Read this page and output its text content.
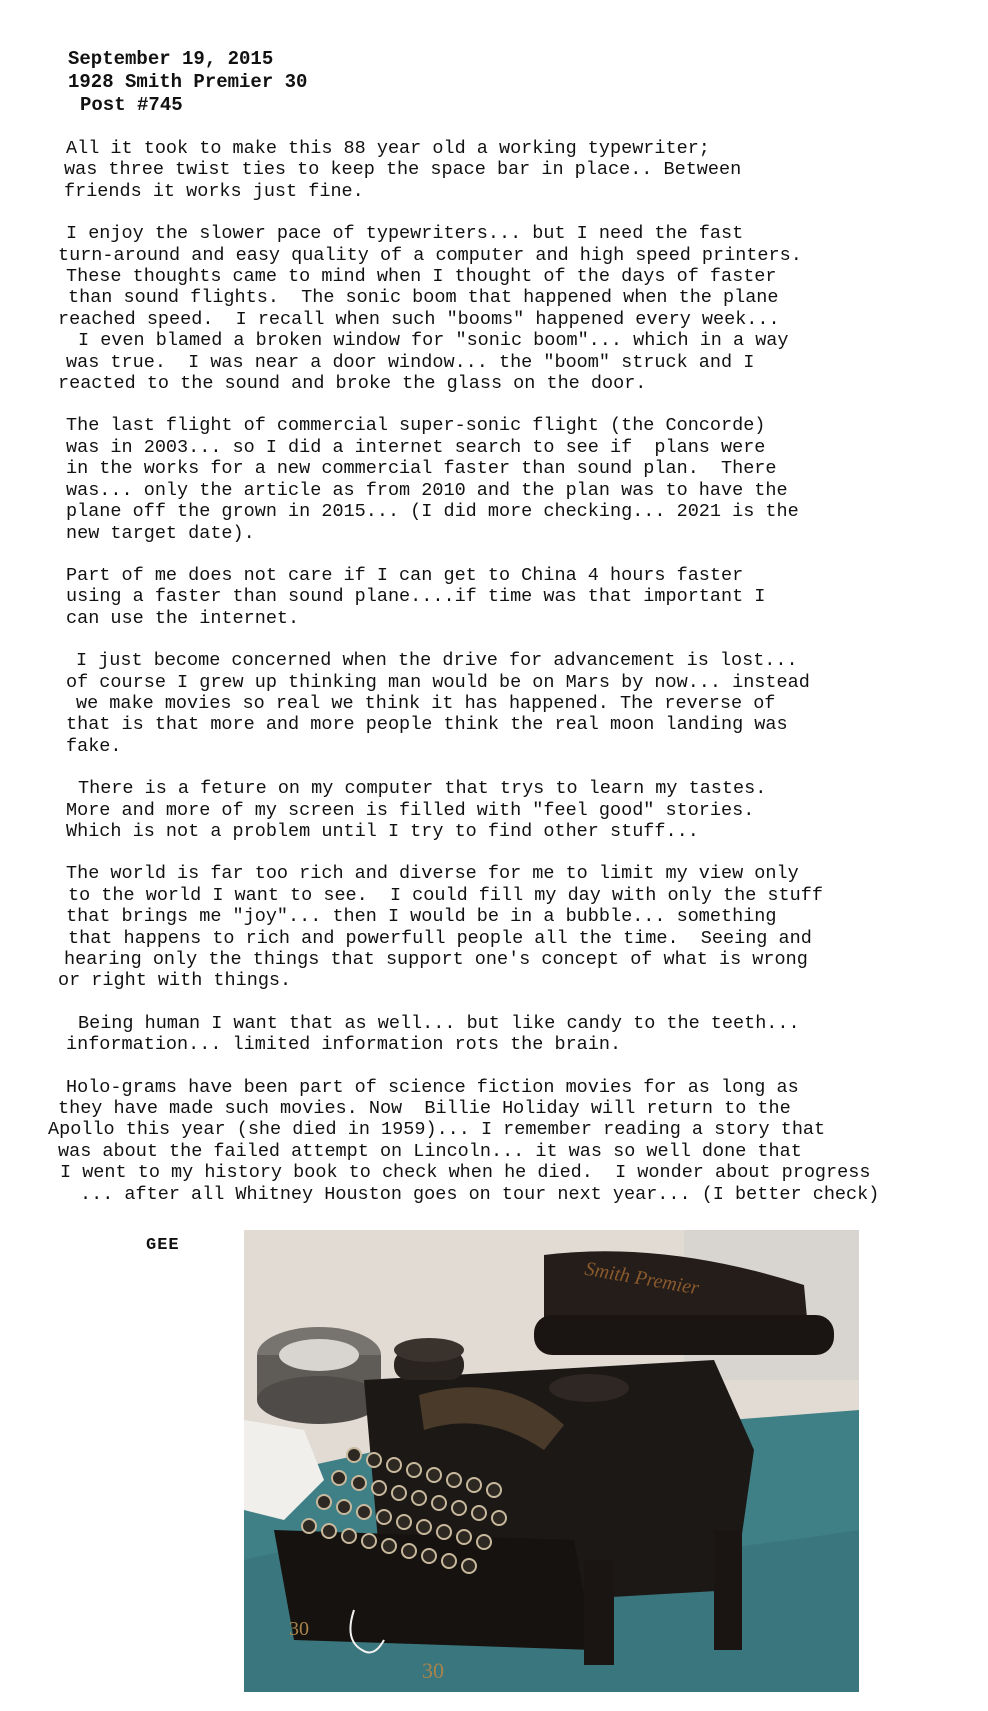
September 19, 2015
1928 Smith Premier 30
Post #745
All it took to make this 88 year old a working typewriter;
was three twist ties to keep the space bar in place.. Between
friends it works just fine.
I enjoy the slower pace of typewriters... but I need the fast
turn-around and easy quality of a computer and high speed printers.
These thoughts came to mind when I thought of the days of faster
than sound flights.  The sonic boom that happened when the plane
reached speed.  I recall when such "booms" happened every week...
I even blamed a broken window for "sonic boom"... which in a way
was true.  I was near a door window... the "boom" struck and I
reacted to the sound and broke the glass on the door.
The last flight of commercial super-sonic flight (the Concorde)
was in 2003... so I did a internet search to see if  plans were
in the works for a new commercial faster than sound plan.  There
was... only the article as from 2010 and the plan was to have the
plane off the grown in 2015... (I did more checking... 2021 is the
new target date).
Part of me does not care if I can get to China 4 hours faster
using a faster than sound plane....if time was that important I
can use the internet.
I just become concerned when the drive for advancement is lost...
of course I grew up thinking man would be on Mars by now... instead
we make movies so real we think it has happened. The reverse of
that is that more and more people think the real moon landing was
fake.
There is a feture on my computer that trys to learn my tastes.
More and more of my screen is filled with "feel good" stories.
Which is not a problem until I try to find other stuff...
The world is far too rich and diverse for me to limit my view only
to the world I want to see.  I could fill my day with only the stuff
that brings me "joy"... then I would be in a bubble... something
that happens to rich and powerfull people all the time.  Seeing and
hearing only the things that support one's concept of what is wrong
or right with things.
Being human I want that as well... but like candy to the teeth...
information... limited information rots the brain.
Holo-grams have been part of science fiction movies for as long as
they have made such movies. Now  Billie Holiday will return to the
Apollo this year (she died in 1959)... I remember reading a story that
was about the failed attempt on Lincoln... it was so well done that
I went to my history book to check when he died.  I wonder about progress
... after all Whitney Houston goes on tour next year... (I better check)
GEE
Smith Premier
30
30
